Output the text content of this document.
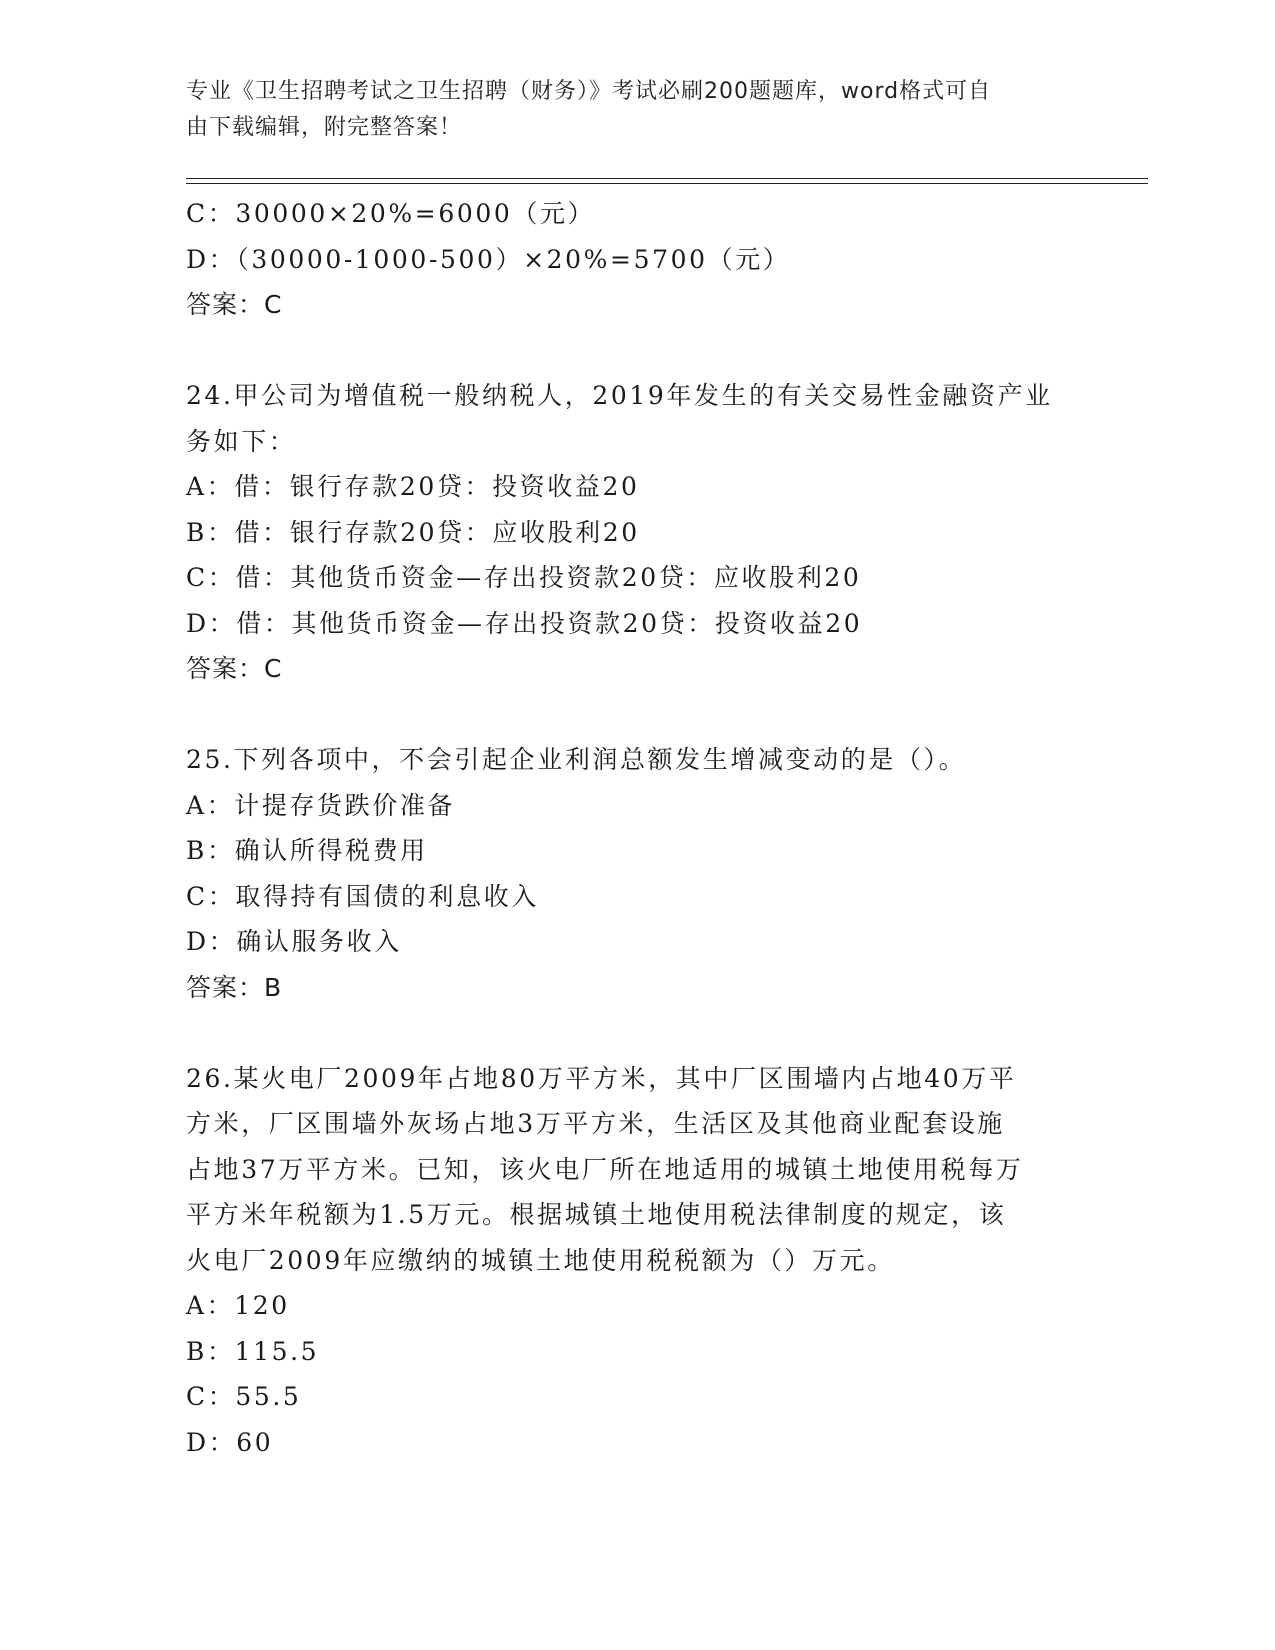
专业《卫生招聘考试之卫生招聘（财务）》考试必刷200题题库，word格式可自
由下载编辑，附完整答案！
C：30000×20%=6000（元）
D：（30000-1000-500）×20%=5700（元）
答案：C
24.甲公司为增值税一般纳税人，2019年发生的有关交易性金融资产业
务如下：
A：借：银行存款20贷：投资收益20
B：借：银行存款20贷：应收股利20
C：借：其他货币资金—存出投资款20贷：应收股利20
D：借：其他货币资金—存出投资款20贷：投资收益20
答案：C
25.下列各项中，不会引起企业利润总额发生增减变动的是（）。
A：计提存货跌价准备
B：确认所得税费用
C：取得持有国债的利息收入
D：确认服务收入
答案：B
26.某火电厂2009年占地80万平方米，其中厂区围墙内占地40万平
方米，厂区围墙外灰场占地3万平方米，生活区及其他商业配套设施
占地37万平方米。已知，该火电厂所在地适用的城镇土地使用税每万
平方米年税额为1.5万元。根据城镇土地使用税法律制度的规定，该
火电厂2009年应缴纳的城镇土地使用税税额为（）万元。
A：120
B：115.5
C：55.5
D：60
